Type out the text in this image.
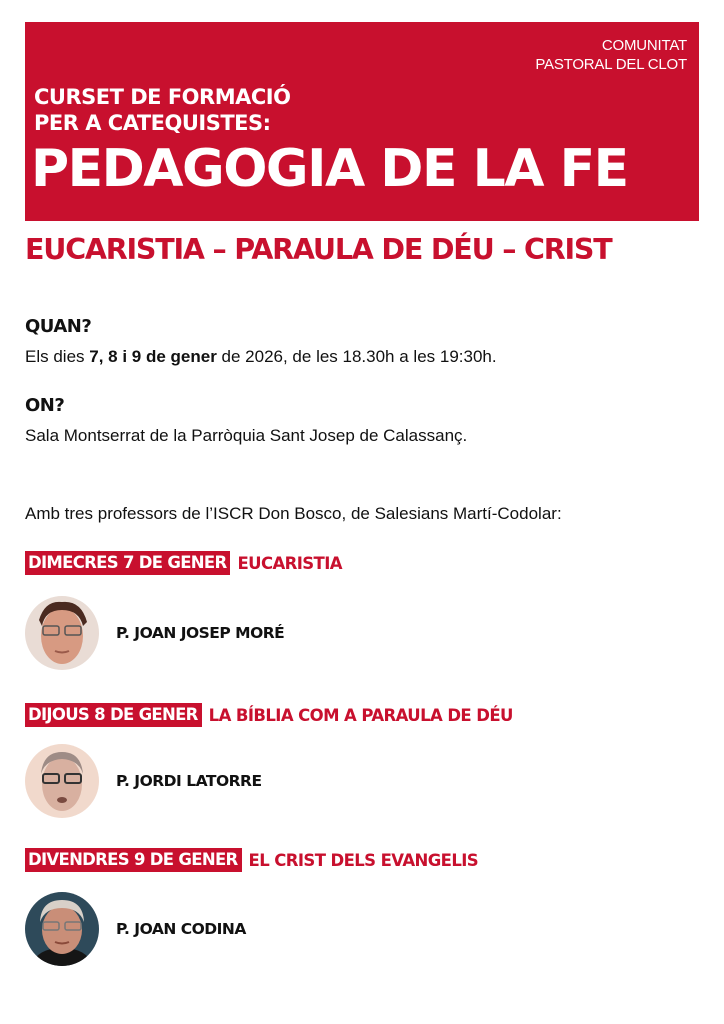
COMUNITAT
PASTORAL DEL CLOT
CURSET DE FORMACIÓ
PER A CATEQUISTES:
PEDAGOGIA DE LA FE
EUCARISTIA – PARAULA DE DÉU – CRIST
QUAN?
Els dies 7, 8 i 9 de gener de 2026, de les 18.30h a les 19:30h.
ON?
Sala Montserrat de la Parròquia Sant Josep de Calassanç.
Amb tres professors de l’ISCR Don Bosco, de Salesians Martí-Codolar:
DIMECRES 7 DE GENER EUCARISTIA
P. JOAN JOSEP MORÉ
DIJOUS 8 DE GENER LA BÍBLIA COM A PARAULA DE DÉU
P. JORDI LATORRE
DIVENDRES 9 DE GENER EL CRIST DELS EVANGELIS
P. JOAN CODINA
